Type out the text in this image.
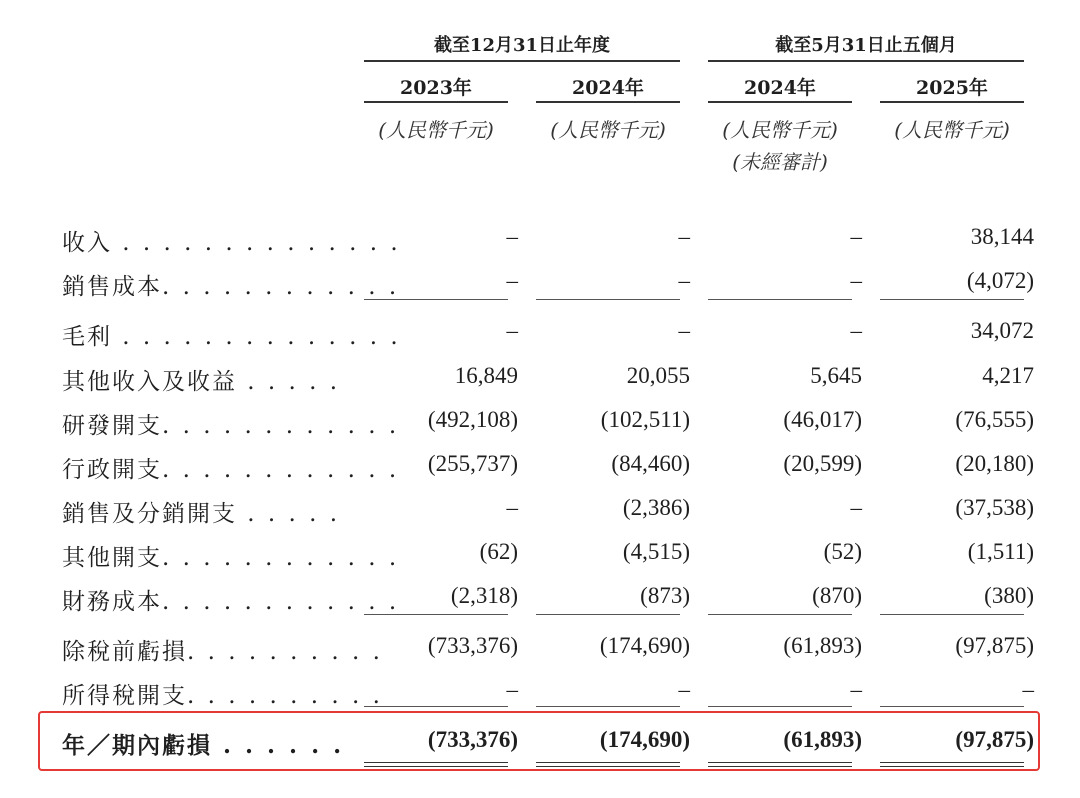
截至12月31日止年度	截至5月31日止五個月
2023年	2024年	2024年	2025年
(人民幣千元)	(人民幣千元)	(人民幣千元)	(人民幣千元)
(未經審計)
收入 . . . . . . . . . . . . . .	–	–	–	38,144
銷售成本. . . . . . . . . . . .	–	–	–	(4,072)
毛利 . . . . . . . . . . . . . .	–	–	–	34,072
其他收入及收益 . . . . .	16,849	20,055	5,645	4,217
研發開支. . . . . . . . . . . .	(492,108)	(102,511)	(46,017)	(76,555)
行政開支. . . . . . . . . . . .	(255,737)	(84,460)	(20,599)	(20,180)
銷售及分銷開支 . . . . .	–	(2,386)	–	(37,538)
其他開支. . . . . . . . . . . .	(62)	(4,515)	(52)	(1,511)
財務成本. . . . . . . . . . . .	(2,318)	(873)	(870)	(380)
除稅前虧損. . . . . . . . . .	(733,376)	(174,690)	(61,893)	(97,875)
所得稅開支. . . . . . . . . .	–	–	–	–
年／期內虧損 . . . . . .	(733,376)	(174,690)	(61,893)	(97,875)
